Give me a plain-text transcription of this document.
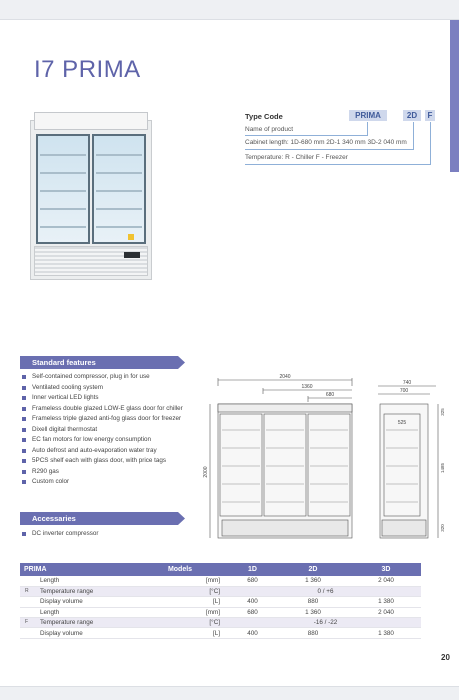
I7 PRIMA
Type Code	PRIMA	2D	F
Name of product
Cabinet length: 1D-680 mm 2D-1 340 mm 3D-2 040 mm
Temperature: R - Chiller F - Freezer
Standard features
Self-contained compressor, plug in for use
Ventilated cooling system
Inner vertical LED lights
Frameless double glazed LOW-E glass door for chiller
Frameless triple glazed anti-fog glass door for freezer
Dixell digital thermostat
EC fan motors for low energy consumption
Auto defrost and auto-evaporation water tray
5PCS shelf each with glass door, with price tags
R290 gas
Custom color
Accessaries
DC inverter compressor
2040
1360
680
2000
740
700
525
325
1485
320
PRIMA	Models	1D	2D	3D
Length	[mm]	680	1 360	2 040

R Temperature range	[°C]	0 / +6		
Display volume	[L]	400	880	1 380
Length	[mm]	680	1 360	2 040

F Temperature range	[°C]	-16 / -22		
Display volume	[L]	400	880	1 380
20
